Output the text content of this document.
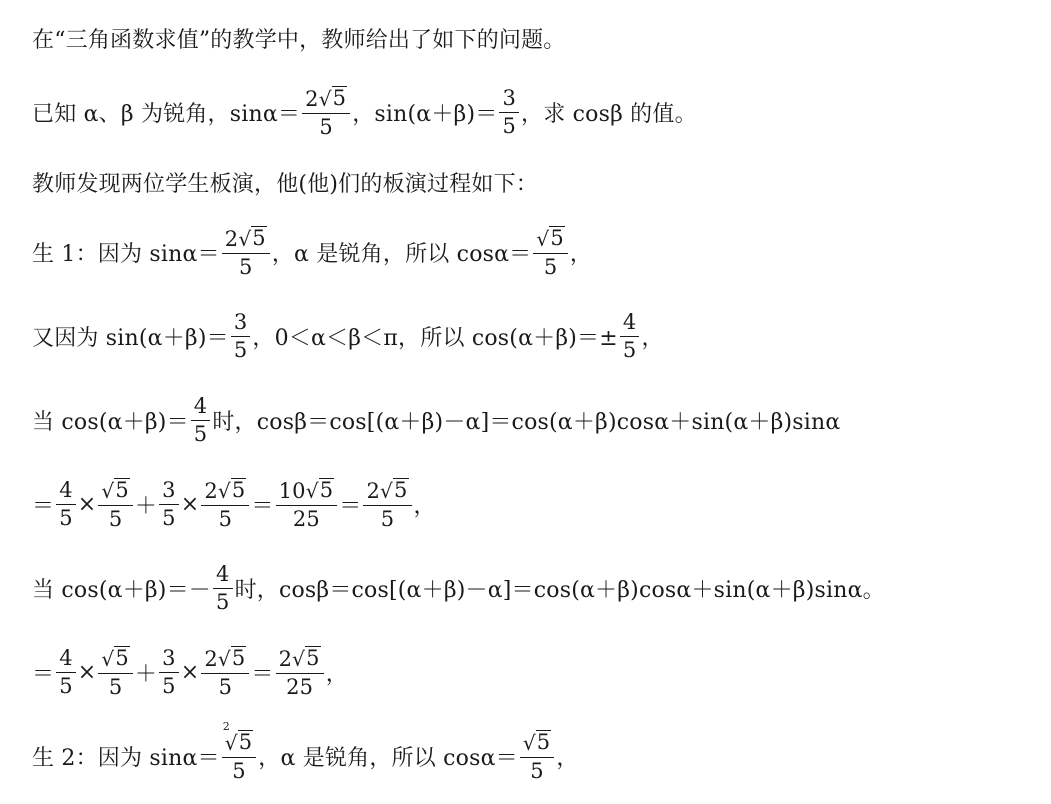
在“三角函数求值”的教学中，教师给出了如下的问题。
已知 α、β 为锐角，$\sin\alpha= \frac{2 √ 5}{5}$ ，$\sin(\alpha+\beta)= \frac{3}{5}$ ，求 cosβ 的值。
教师发现两位学生板演，他(他)们的板演过程如下：
生 1：因为 $\sin\alpha= \frac{2 √ 5}{5}$ ，α 是锐角，所以 $\cos\alpha= \frac{√ 5}{5}$ ，
又因为 $\sin(\alpha+\beta)= \frac{3}{5}$ ，0＜α＜β＜π，所以 $\cos(\alpha+\beta)=\pm \frac{4}{5}$ ，
当 $\cos(\alpha+\beta)= \frac{4}{5}$ 时，cosβ＝cos[(α＋β)－α]＝cos(α＋β)cosα＋sin(α＋β)sinα
＝ $\frac{4}{5} \times \frac{√ 5}{5} + \frac{3}{5} \times \frac{2 √ 5}{5} = \frac{10 √ 5}{25} = \frac{2 √ 5}{5}$ ，
当 $\cos(\alpha+\beta)=- \frac{4}{5}$ 时，cosβ＝cos[(α＋β)－α]＝cos(α＋β)cosα＋sin(α＋β)sinα。
＝ $\frac{4}{5} \times \frac{√ 5}{5} + \frac{3}{5} \times \frac{2 √ 5}{5} = \frac{2 √ 5}{25}$ ，
生 2：因为 sinα＝ 2
√ 5
5 ，α 是锐角，所以 $\cos\alpha= \frac{√ 5}{5}$ ，
